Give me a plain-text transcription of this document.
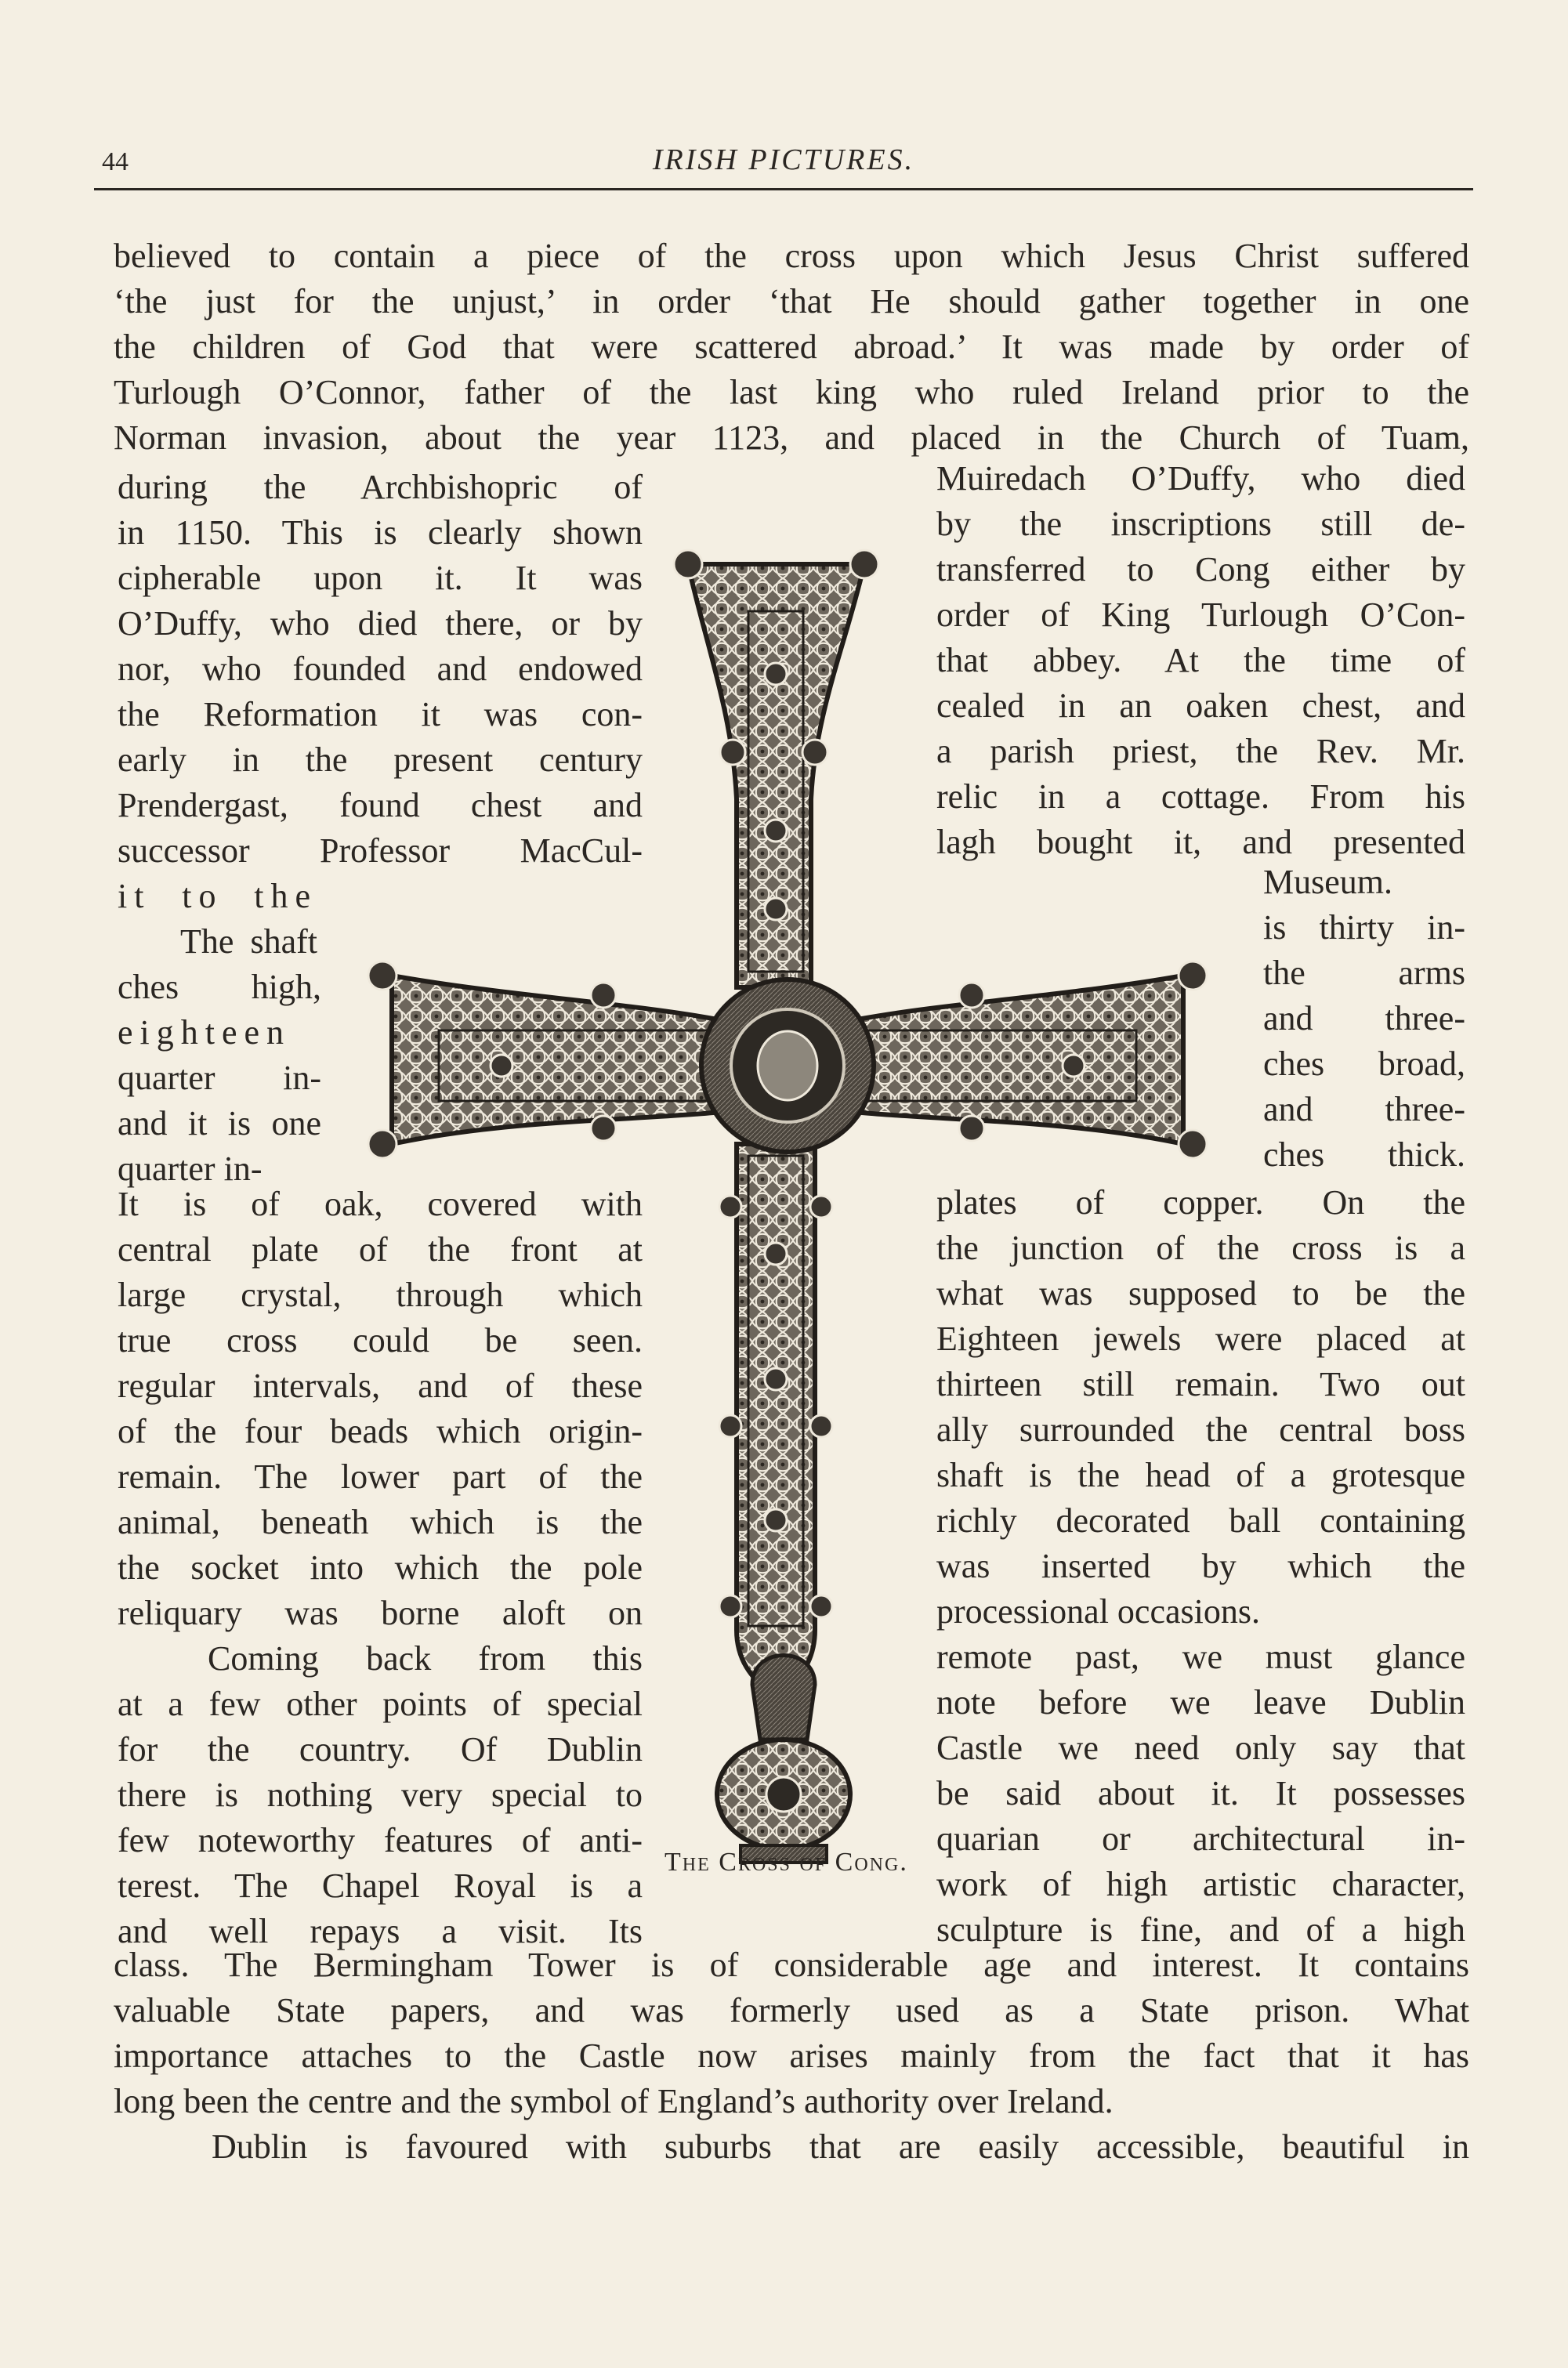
44	IRISH PICTURES.
believed to contain a piece of the cross upon which Jesus Christ suffered
‘the just for the unjust,’ in order ‘that He should gather together in one
the children of God that were scattered abroad.’ It was made by order of
Turlough O’Connor, father of the last king who ruled Ireland prior to the
Norman invasion, about the year 1123, and placed in the Church of Tuam,
during the Archbishopric of
in 1150. This is clearly shown
cipherable upon it. It was
O’Duffy, who died there, or by
nor, who founded and endowed
the Reformation it was con-
early in the present century
Prendergast, found chest and
successor Professor MacCul-
it to the
The shaft
ches high,
eighteen
quarter in-
and it is one
quarter in-
It is of oak, covered with
central plate of the front at
large crystal, through which
true cross could be seen.
regular intervals, and of these
of the four beads which origin-
remain. The lower part of the
animal, beneath which is the
the socket into which the pole
reliquary was borne aloft on
Coming back from this
at a few other points of special
for the country. Of Dublin
there is nothing very special to
few noteworthy features of anti-
terest. The Chapel Royal is a
and well repays a visit. Its
Muiredach O’Duffy, who died
by the inscriptions still de-
transferred to Cong either by
order of King Turlough O’Con-
that abbey. At the time of
cealed in an oaken chest, and
a parish priest, the Rev. Mr.
relic in a cottage. From his
lagh bought it, and presented
Museum.
is thirty in-
the arms
and three-
ches broad,
and three-
ches thick.
plates of copper. On the
the junction of the cross is a
what was supposed to be the
Eighteen jewels were placed at
thirteen still remain. Two out
ally surrounded the central boss
shaft is the head of a grotesque
richly decorated ball containing
was inserted by which the
processional occasions.
remote past, we must glance
note before we leave Dublin
Castle we need only say that
be said about it. It possesses
quarian or architectural in-
work of high artistic character,
sculpture is fine, and of a high
class. The Bermingham Tower is of considerable age and interest. It contains
valuable State papers, and was formerly used as a State prison. What
importance attaches to the Castle now arises mainly from the fact that it has
long been the centre and the symbol of England’s authority over Ireland.
Dublin is favoured with suburbs that are easily accessible, beautiful in
The Cross of Cong.
